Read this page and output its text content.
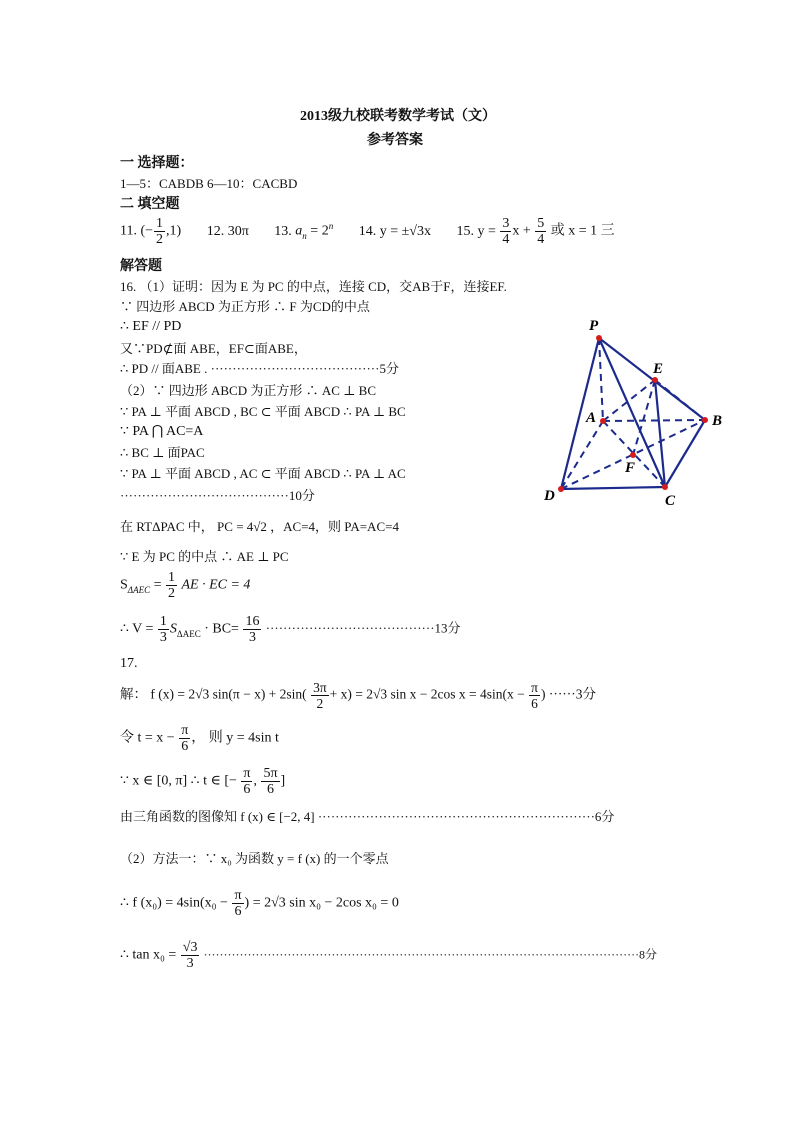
2013级九校联考数学考试（文）
参考答案
一 选择题：
1—5：CABDB 6—10：CACBD
二 填空题
11. (− $\frac{1}{2} ,1$) 12. 30π 13. $a_n = 2^n$ 14. y = ±√3x 15. $y = \frac{3}{4}$ $x + \frac{5}{4}$ 或 x = 1 三
解答题
16. （1）证明：因为 E 为 PC 的中点，连接 CD，交AB于F，连接EF.
∵ 四边形 ABCD 为正方形 ∴ F 为CD的中点
∴ EF // PD
又∵PD⊄面 ABE，EF⊂面ABE，
∴ PD // 面ABE . ·······································5分
（2）∵ 四边形 ABCD 为正方形 ∴ AC ⊥ BC
∵ PA ⊥ 平面 ABCD , BC ⊂ 平面 ABCD ∴ PA ⊥ BC
∵ PA ⋂ AC=A
∴ BC ⊥ 面PAC
∵ PA ⊥ 平面 ABCD , AC ⊂ 平面 ABCD ∴ PA ⊥ AC
·······································10分
在 RTΔPAC 中， PC = 4√2 ，AC=4，则 PA=AC=4
∵ E 为 PC 的中点 ∴ AE ⊥ PC
$S_{\Delta AEC} = \frac{1}{2}$ AE · EC = 4
∴ $V = \frac{1}{3} S_{\Delta AEC} \cdot BC= \frac{16}{3} \cdot\cdot\cdot\cdot\cdot\cdot\cdot\cdot\cdot\cdot\cdot\cdot\cdot\cdot\cdot\cdot\cdot\cdot\cdot\cdot\cdot\cdot\cdot\cdot\cdot\cdot\cdot\cdot\cdot\cdot\cdot\cdot\cdot\cdot\cdot\cdot\cdot\cdot\cdot 13$分
17.
解： f (x) = 2√3 $\sin(\pi - x) + 2\sin( \frac{3\pi}{2} + x) = 2√3$ sin x − 2cos $x = 4\sin(x - \frac{\pi}{6}$ ) ······3分
令 $t = x - \frac{\pi}{6}$ ， 则 y = 4sin t
∵ x ∈ [0, π] ∴ t ∈ [− $\frac{\pi}{6}$ , $\frac{5\pi}{6}$ ]
由三角函数的图像知 f (x) ∈ [−2, 4] ································································6分
（2）方法一：∵ x₀ 为函数 y = f (x) 的一个零点
∴ f $(x_0) = 4\sin(x_0 - \frac{\pi}{6}$ ) = 2√3 sin x₀ − 2cos x₀ = 0
∴ $\tan x_0 = \frac{√3}{3} \cdot\cdot\cdot\cdot\cdot\cdot\cdot\cdot\cdot\cdot\cdot\cdot\cdot\cdot\cdot\cdot\cdot\cdot\cdot\cdot\cdot\cdot\cdot\cdot\cdot\cdot\cdot\cdot\cdot\cdot\cdot\cdot\cdot\cdot\cdot\cdot\cdot\cdot\cdot\cdot\cdot\cdot\cdot\cdot\cdot\cdot\cdot\cdot\cdot\cdot\cdot\cdot\cdot\cdot\cdot\cdot\cdot\cdot\cdot\cdot\cdot\cdot\cdot\cdot\cdot\cdot\cdot\cdot\cdot\cdot\cdot\cdot\cdot\cdot\cdot\cdot\cdot\cdot\cdot\cdot\cdot\cdot\cdot\cdot\cdot\cdot\cdot\cdot\cdot\cdot\cdot\cdot\cdot\cdot\cdot\cdot\cdot\cdot\cdot\cdot\cdot\cdot\cdot\cdot\cdot\cdot\cdot\cdot\cdot 8$分
P
E
A	B
F
D	C
